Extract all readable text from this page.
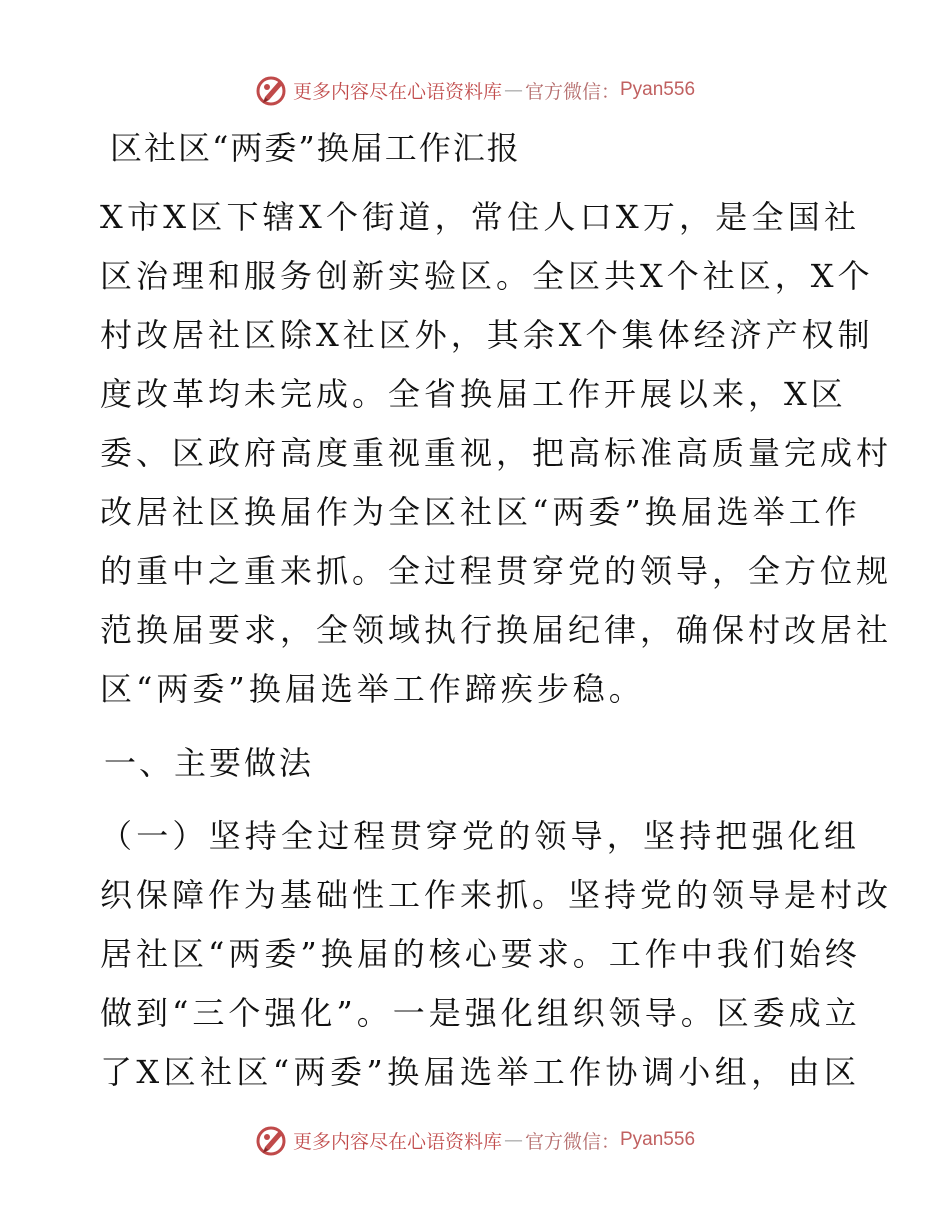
更多内容尽在心语资料库 — 官方微信： Pyan556
区社区“两委”换届工作汇报

X市X区下辖X个街道，常住人口X万，是全国社
区治理和服务创新实验区。全区共X个社区，X个
村改居社区除X社区外，其余X个集体经济产权制
度改革均未完成。全省换届工作开展以来，X区
委、区政府高度重视重视，把高标准高质量完成村
改居社区换届作为全区社区“两委”换届选举工作
的重中之重来抓。全过程贯穿党的领导，全方位规
范换届要求，全领域执行换届纪律，确保村改居社
区“两委”换届选举工作蹄疾步稳。

一、主要做法

（一）坚持全过程贯穿党的领导，坚持把强化组
织保障作为基础性工作来抓。坚持党的领导是村改
居社区“两委”换届的核心要求。工作中我们始终
做到“三个强化”。一是强化组织领导。区委成立
了X区社区“两委”换届选举工作协调小组，由区

更多内容尽在心语资料库 — 官方微信： Pyan556
